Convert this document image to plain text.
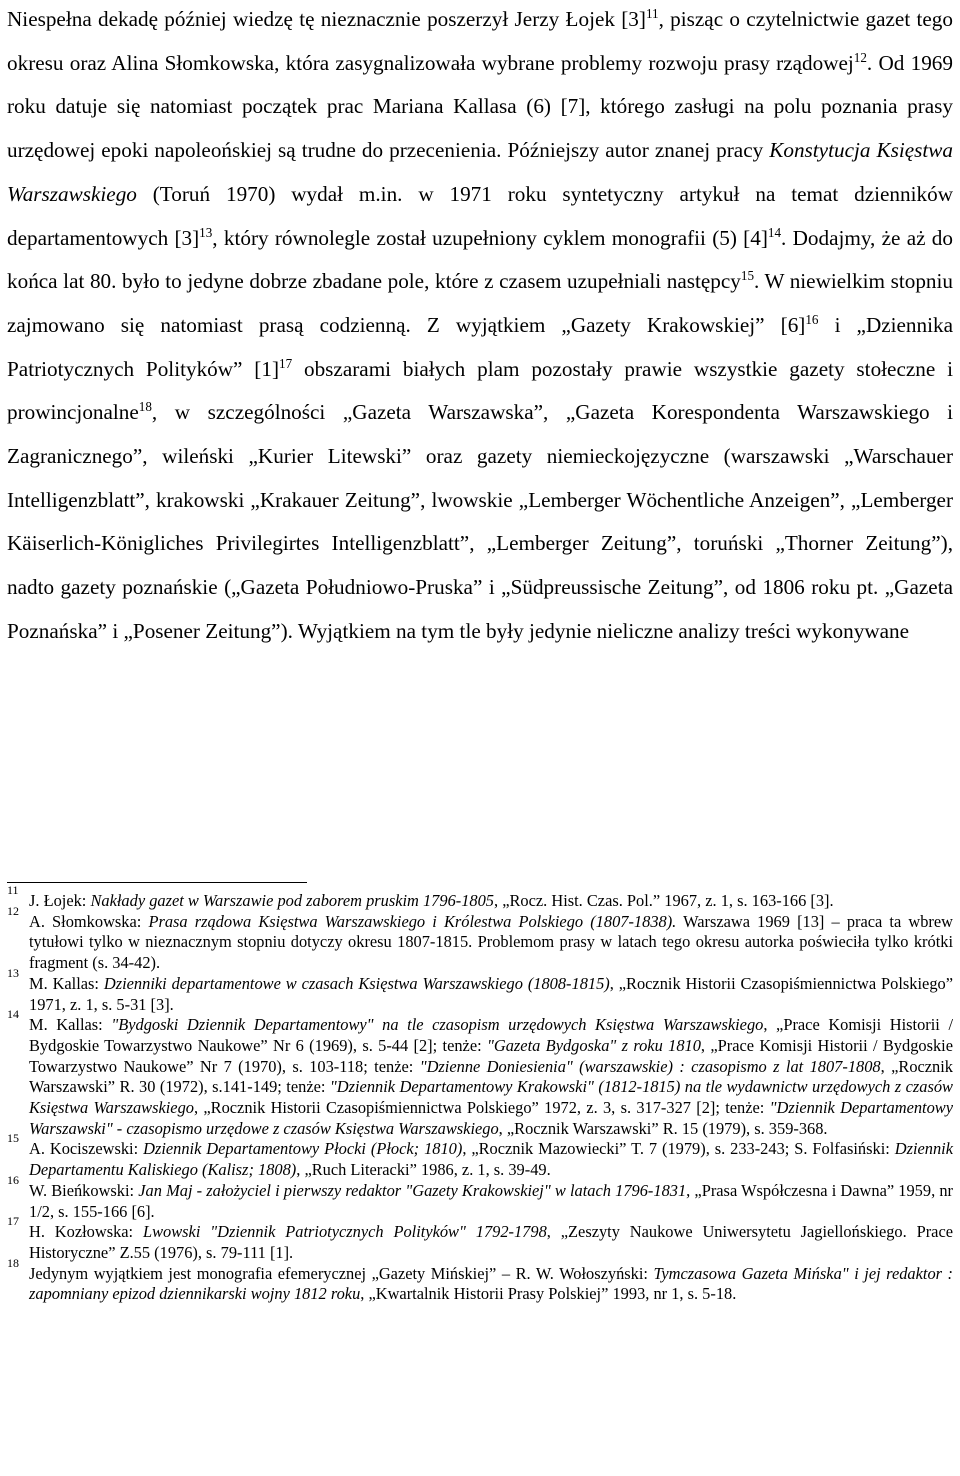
Niespełna dekadę później wiedzę tę nieznacznie poszerzył Jerzy Łojek $[3]^{11}$, pisząc o czytelnictwie gazet tego okresu oraz Alina Słomkowska, która zasygnalizowała wybrane problemy rozwoju prasy rządowej$^{12}$. Od 1969 roku datuje się natomiast początek prac Mariana Kallasa (6) [7], którego zasługi na polu poznania prasy urzędowej epoki napoleońskiej są trudne do przecenienia. Późniejszy autor znanej pracy Konstytucja Księstwa Warszawskiego (Toruń 1970) wydał m.in. w 1971 roku syntetyczny artykuł na temat dzienników departamentowych $[3]^{13}$, który równolegle został uzupełniony cyklem monografii (5) $[4]^{14}$. Dodajmy, że aż do końca lat 80. było to jedyne dobrze zbadane pole, które z czasem uzupełniali następcy$^{15}$. W niewielkim stopniu zajmowano się natomiast prasą codzienną. Z wyjątkiem „Gazety Krakowskiej” $[6]^{16}$ i „Dziennika Patriotycznych Polityków” $[1]^{17}$ obszarami białych plam pozostały prawie wszystkie gazety stołeczne i prowincjonalne$^{18}$, w szczególności „Gazeta Warszawska”, „Gazeta Korespondenta Warszawskiego i Zagranicznego”, wileński „Kurier Litewski” oraz gazety niemieckojęzyczne (warszawski „Warschauer Intelligenzblatt”, krakowski „Krakauer Zeitung”, lwowskie „Lemberger Wöchentliche Anzeigen”, „Lemberger Käiserlich-Königliches Privilegirtes Intelligenzblatt”, „Lemberger Zeitung”, toruński „Thorner Zeitung”), nadto gazety poznańskie („Gazeta Południowo-Pruska” i „Südpreussische Zeitung”, od 1806 roku pt. „Gazeta Poznańska” i „Posener Zeitung”). Wyjątkiem na tym tle były jedynie nieliczne analizy treści wykonywane

11
J. Łojek: Nakłady gazet w Warszawie pod zaborem pruskim 1796-1805, „Rocz. Hist. Czas. Pol.” 1967, z. 1, s. 163-166 [3].
12
A. Słomkowska: Prasa rządowa Księstwa Warszawskiego i Królestwa Polskiego (1807-1838). Warszawa 1969 [13] – praca ta wbrew tytułowi tylko w nieznacznym stopniu dotyczy okresu 1807-1815. Problemom prasy w latach tego okresu autorka poświeciła tylko krótki fragment (s. 34-42).
13
M. Kallas: Dzienniki departamentowe w czasach Księstwa Warszawskiego (1808-1815), „Rocznik Historii Czasopiśmiennictwa Polskiego” 1971, z. 1, s. 5-31 [3].
14
M. Kallas: "Bydgoski Dziennik Departamentowy" na tle czasopism urzędowych Księstwa Warszawskiego, „Prace Komisji Historii / Bydgoskie Towarzystwo Naukowe” Nr 6 (1969), s. 5-44 [2]; tenże: "Gazeta Bydgoska" z roku 1810, „Prace Komisji Historii / Bydgoskie Towarzystwo Naukowe” Nr 7 (1970), s. 103-118; tenże: "Dzienne Doniesienia" (warszawskie) : czasopismo z lat 1807-1808, „Rocznik Warszawski” R. 30 (1972), s.141-149; tenże: "Dziennik Departamentowy Krakowski" (1812-1815) na tle wydawnictw urzędowych z czasów Księstwa Warszawskiego, „Rocznik Historii Czasopiśmiennictwa Polskiego” 1972, z. 3, s. 317-327 [2]; tenże: "Dziennik Departamentowy Warszawski" - czasopismo urzędowe z czasów Księstwa Warszawskiego, „Rocznik Warszawski” R. 15 (1979), s. 359-368.
15
A. Kociszewski: Dziennik Departamentowy Płocki (Płock; 1810), „Rocznik Mazowiecki” T. 7 (1979), s. 233-243; S. Folfasiński: Dziennik Departamentu Kaliskiego (Kalisz; 1808), „Ruch Literacki” 1986, z. 1, s. 39-49.
16
W. Bieńkowski: Jan Maj - założyciel i pierwszy redaktor "Gazety Krakowskiej" w latach 1796-1831, „Prasa Współczesna i Dawna” 1959, nr 1/2, s. 155-166 [6].
17
H. Kozłowska: Lwowski "Dziennik Patriotycznych Polityków" 1792-1798, „Zeszyty Naukowe Uniwersytetu Jagiellońskiego. Prace Historyczne” Z.55 (1976), s. 79-111 [1].
18
Jedynym wyjątkiem jest monografia efemerycznej „Gazety Mińskiej” – R. W. Wołoszyński: Tymczasowa Gazeta Mińska" i jej redaktor : zapomniany epizod dziennikarski wojny 1812 roku, „Kwartalnik Historii Prasy Polskiej” 1993, nr 1, s. 5-18.
